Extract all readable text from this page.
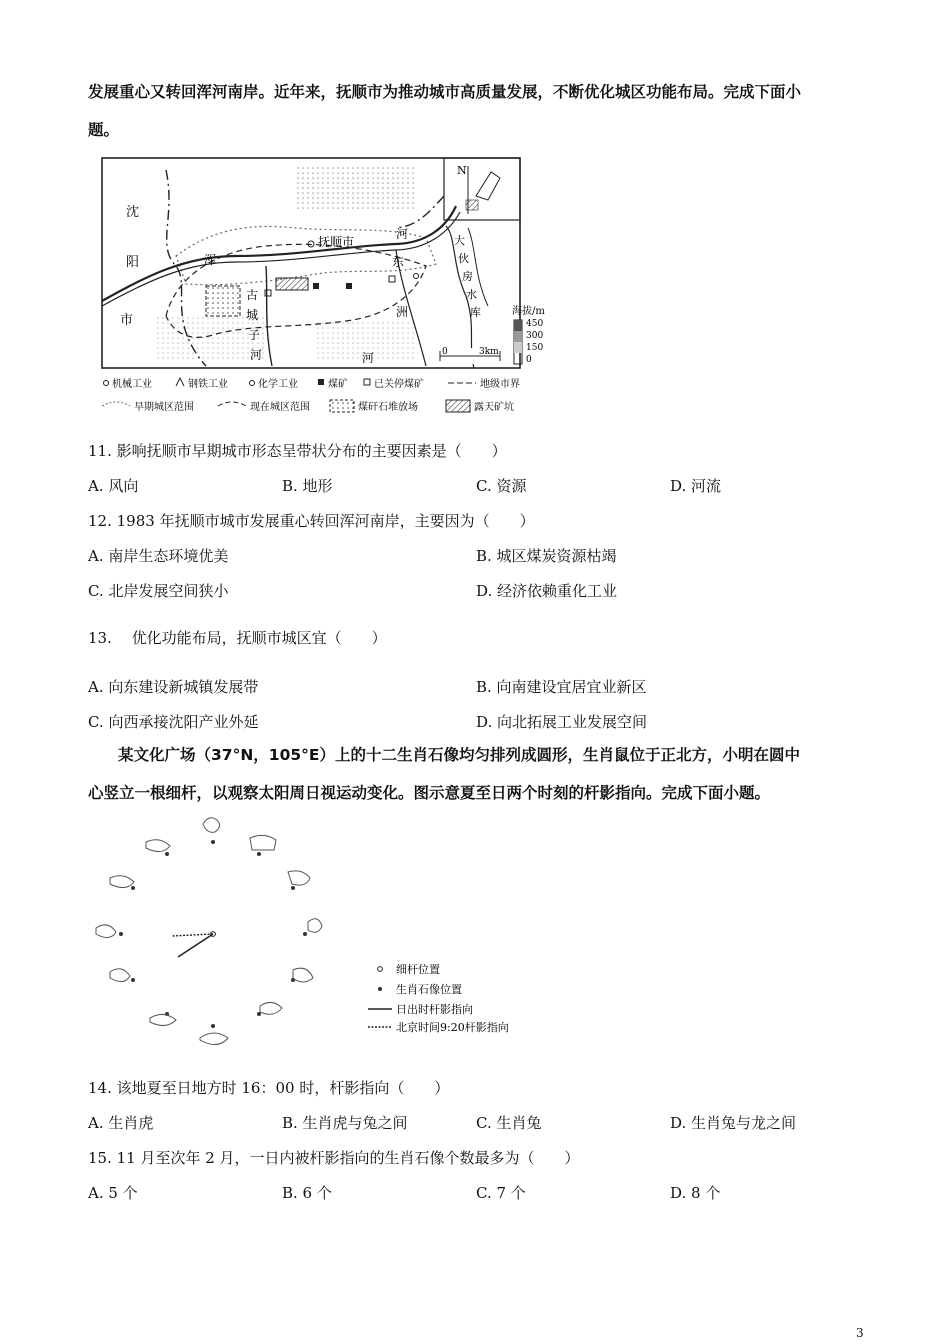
发展重心又转回浑河南岸。近年来，抚顺市为推动城市高质量发展，不断优化城区功能布局。完成下面小
题。
N
沈
阳
市
抚顺市
河
浑	东
洲
河
古
城
子
河
大
伙
房
水
库
0	3km
海拔/m
450
300
150
0
机械工业	钢铁工业	化学工业	煤矿	已关停煤矿	地级市界
早期城区范围	现在城区范围	煤矸石堆放场	露天矿坑
11. 影响抚顺市早期城市形态呈带状分布的主要因素是（　　）
A. 风向	B. 地形	C. 资源	D. 河流
12. 1983 年抚顺市城市发展重心转回浑河南岸，主要因为（　　）
A. 南岸生态环境优美	B. 城区煤炭资源枯竭
C. 北岸发展空间狭小	D. 经济依赖重化工业
13.　 优化功能布局，抚顺市城区宜（　　）
A. 向东建设新城镇发展带	B. 向南建设宜居宜业新区
C. 向西承接沈阳产业外延	D. 向北拓展工业发展空间
某文化广场（37°N，105°E）上的十二生肖石像均匀排列成圆形，生肖鼠位于正北方，小明在圆中
心竖立一根细杆，以观察太阳周日视运动变化。图示意夏至日两个时刻的杆影指向。完成下面小题。
细杆位置
生肖石像位置
日出时杆影指向
北京时间9:20杆影指向
14. 该地夏至日地方时 16：00 时，杆影指向（　　）
A. 生肖虎	B. 生肖虎与兔之间	C. 生肖兔	D. 生肖兔与龙之间
15. 11 月至次年 2 月，一日内被杆影指向的生肖石像个数最多为（　　）
A. 5 个	B. 6 个	C. 7 个	D. 8 个
3
